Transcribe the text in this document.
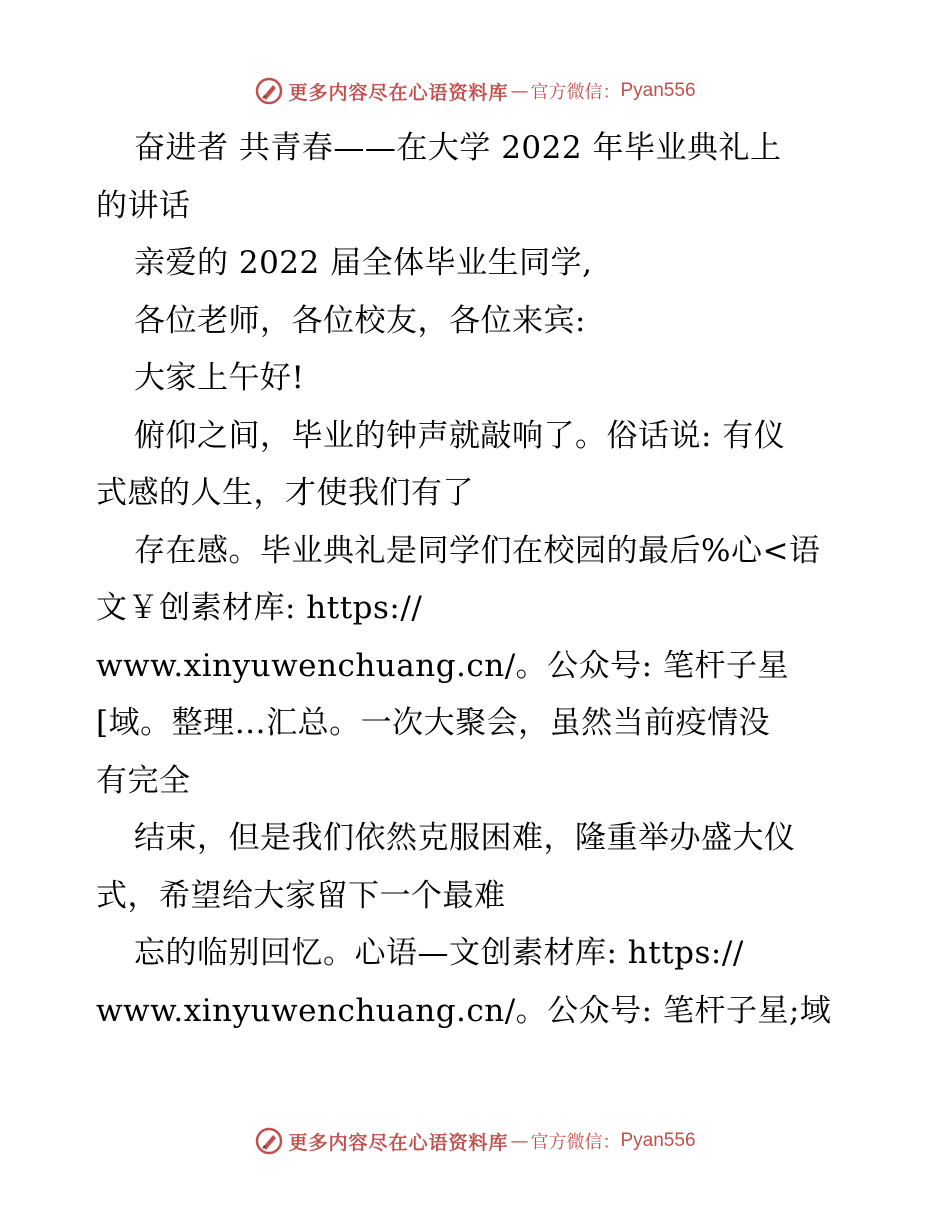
更多内容尽在心语资料库 — 官方微信： Pyan556
奋进者 共青春——在大学 2022 年毕业典礼上
的讲话
亲爱的 2022 届全体毕业生同学,
各位老师，各位校友，各位来宾:
大家上午好!
俯仰之间，毕业的钟声就敲响了。俗话说: 有仪
式感的人生，才使我们有了
存在感。毕业典礼是同学们在校园的最后%心<语
文￥创素材库: https://
www.xinyuwenchuang.cn/。公众号: 笔杆子星
[域。整理…汇总。一次大聚会，虽然当前疫情没
有完全
结束，但是我们依然克服困难，隆重举办盛大仪
式，希望给大家留下一个最难
忘的临别回忆。心语—文创素材库: https://
www.xinyuwenchuang.cn/。公众号: 笔杆子星;域
更多内容尽在心语资料库 — 官方微信： Pyan556
